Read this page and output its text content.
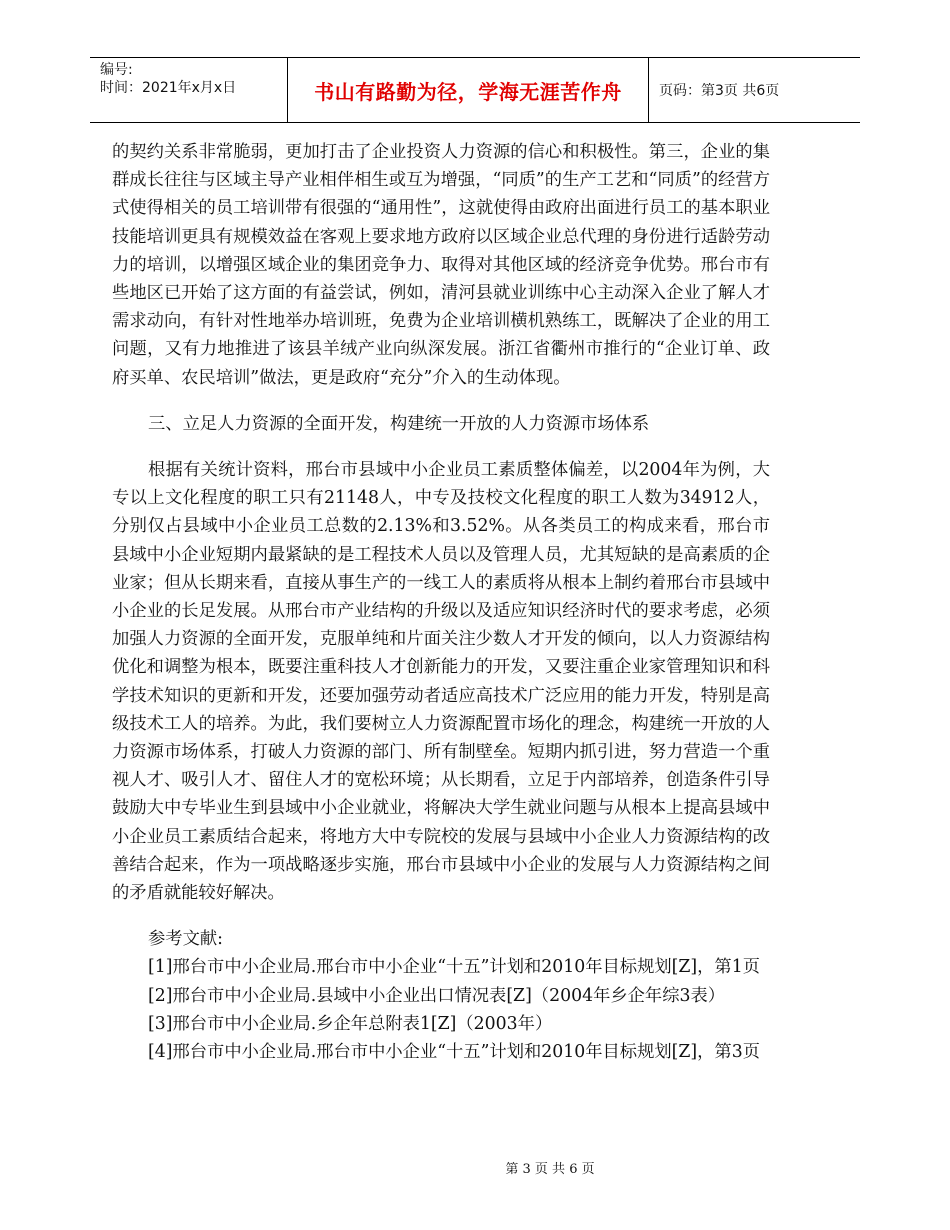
编号:
时间：2021年x月x日	书山有路勤为径，学海无涯苦作舟	页码：第3页 共6页

的契约关系非常脆弱，更加打击了企业投资人力资源的信心和积极性。第三，企业的集群成长往往与区域主导产业相伴相生或互为增强，“同质”的生产工艺和“同质”的经营方式使得相关的员工培训带有很强的“通用性”，这就使得由政府出面进行员工的基本职业技能培训更具有规模效益在客观上要求地方政府以区域企业总代理的身份进行适龄劳动力的培训，以增强区域企业的集团竞争力、取得对其他区域的经济竞争优势。邢台市有些地区已开始了这方面的有益尝试，例如，清河县就业训练中心主动深入企业了解人才需求动向，有针对性地举办培训班，免费为企业培训横机熟练工，既解决了企业的用工问题，又有力地推进了该县羊绒产业向纵深发展。浙江省衢州市推行的“企业订单、政府买单、农民培训”做法，更是政府“充分”介入的生动体现。

三、立足人力资源的全面开发，构建统一开放的人力资源市场体系

根据有关统计资料，邢台市县域中小企业员工素质整体偏差，以2004年为例，大专以上文化程度的职工只有21148人，中专及技校文化程度的职工人数为34912人，分别仅占县域中小企业员工总数的2.13%和3.52%。从各类员工的构成来看，邢台市县域中小企业短期内最紧缺的是工程技术人员以及管理人员，尤其短缺的是高素质的企业家；但从长期来看，直接从事生产的一线工人的素质将从根本上制约着邢台市县域中小企业的长足发展。从邢台市产业结构的升级以及适应知识经济时代的要求考虑，必须加强人力资源的全面开发，克服单纯和片面关注少数人才开发的倾向，以人力资源结构优化和调整为根本，既要注重科技人才创新能力的开发，又要注重企业家管理知识和科学技术知识的更新和开发，还要加强劳动者适应高技术广泛应用的能力开发，特别是高级技术工人的培养。为此，我们要树立人力资源配置市场化的理念，构建统一开放的人力资源市场体系，打破人力资源的部门、所有制壁垒。短期内抓引进，努力营造一个重视人才、吸引人才、留住人才的宽松环境；从长期看，立足于内部培养，创造条件引导鼓励大中专毕业生到县域中小企业就业，将解决大学生就业问题与从根本上提高县域中小企业员工素质结合起来，将地方大中专院校的发展与县域中小企业人力资源结构的改善结合起来，作为一项战略逐步实施，邢台市县域中小企业的发展与人力资源结构之间的矛盾就能较好解决。

参考文献:

[1]邢台市中小企业局.邢台市中小企业“十五”计划和2010年目标规划[Z]，第1页

[2]邢台市中小企业局.县域中小企业出口情况表[Z]（2004年乡企年综3表）

[3]邢台市中小企业局.乡企年总附表1[Z]（2003年）

[4]邢台市中小企业局.邢台市中小企业“十五”计划和2010年目标规划[Z]，第3页

第 3 页 共 6 页
